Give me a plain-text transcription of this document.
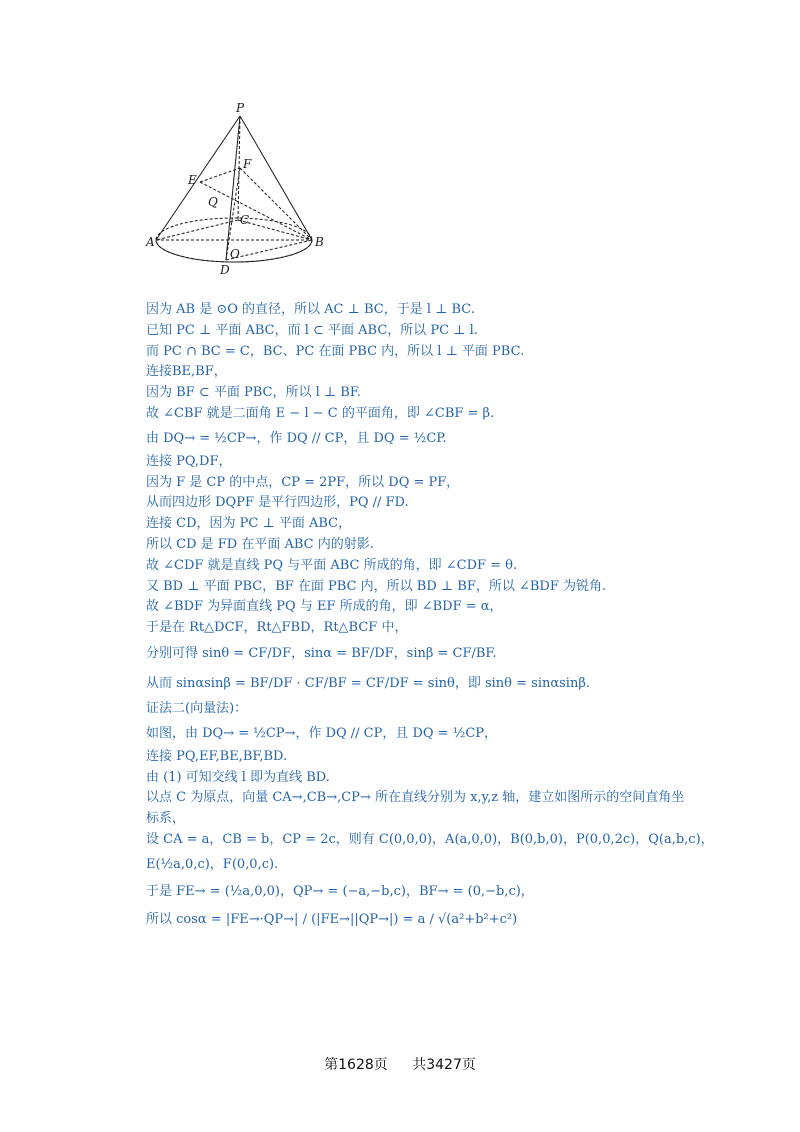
P
F
E
Q
C
O
A	B
D
因为 AB 是 ⊙O 的直径，所以 AC ⊥ BC，于是 l ⊥ BC.
已知 PC ⊥ 平面 ABC，而 l ⊂ 平面 ABC，所以 PC ⊥ l.
而 PC ∩ BC = C，BC、PC 在面 PBC 内，所以 l ⊥ 平面 PBC.
连接BE,BF，
因为 BF ⊂ 平面 PBC，所以 l ⊥ BF.
故 ∠CBF 就是二面角 E − l − C 的平面角，即 ∠CBF = β.
由 DQ→ = ½CP→，作 DQ // CP，且 DQ = ½CP.
连接 PQ,DF，
因为 F 是 CP 的中点，CP = 2PF，所以 DQ = PF，
从而四边形 DQPF 是平行四边形，PQ // FD.
连接 CD，因为 PC ⊥ 平面 ABC，
所以 CD 是 FD 在平面 ABC 内的射影.
故 ∠CDF 就是直线 PQ 与平面 ABC 所成的角，即 ∠CDF = θ.
又 BD ⊥ 平面 PBC，BF 在面 PBC 内，所以 BD ⊥ BF，所以 ∠BDF 为锐角.
故 ∠BDF 为异面直线 PQ 与 EF 所成的角，即 ∠BDF = α，
于是在 Rt△DCF，Rt△FBD，Rt△BCF 中，
分别可得 sinθ = CF/DF，sinα = BF/DF，sinβ = CF/BF.
从而 sinαsinβ = BF/DF · CF/BF = CF/DF = sinθ，即 sinθ = sinαsinβ.
证法二(向量法)：
如图，由 DQ→ = ½CP→，作 DQ // CP，且 DQ = ½CP，
连接 PQ,EF,BE,BF,BD.
由 (1) 可知交线 l 即为直线 BD.
以点 C 为原点，向量 CA→,CB→,CP→ 所在直线分别为 x,y,z 轴，建立如图所示的空间直角坐
标系，
设 CA = a，CB = b，CP = 2c，则有 C(0,0,0)，A(a,0,0)，B(0,b,0)，P(0,0,2c)，Q(a,b,c)，
E(½a,0,c)，F(0,0,c).
于是 FE→ = (½a,0,0)，QP→ = (−a,−b,c)，BF→ = (0,−b,c)，
所以 cosα = |FE→·QP→| / (|FE→||QP→|) = a / √(a²+b²+c²)
第1628页 共3427页
